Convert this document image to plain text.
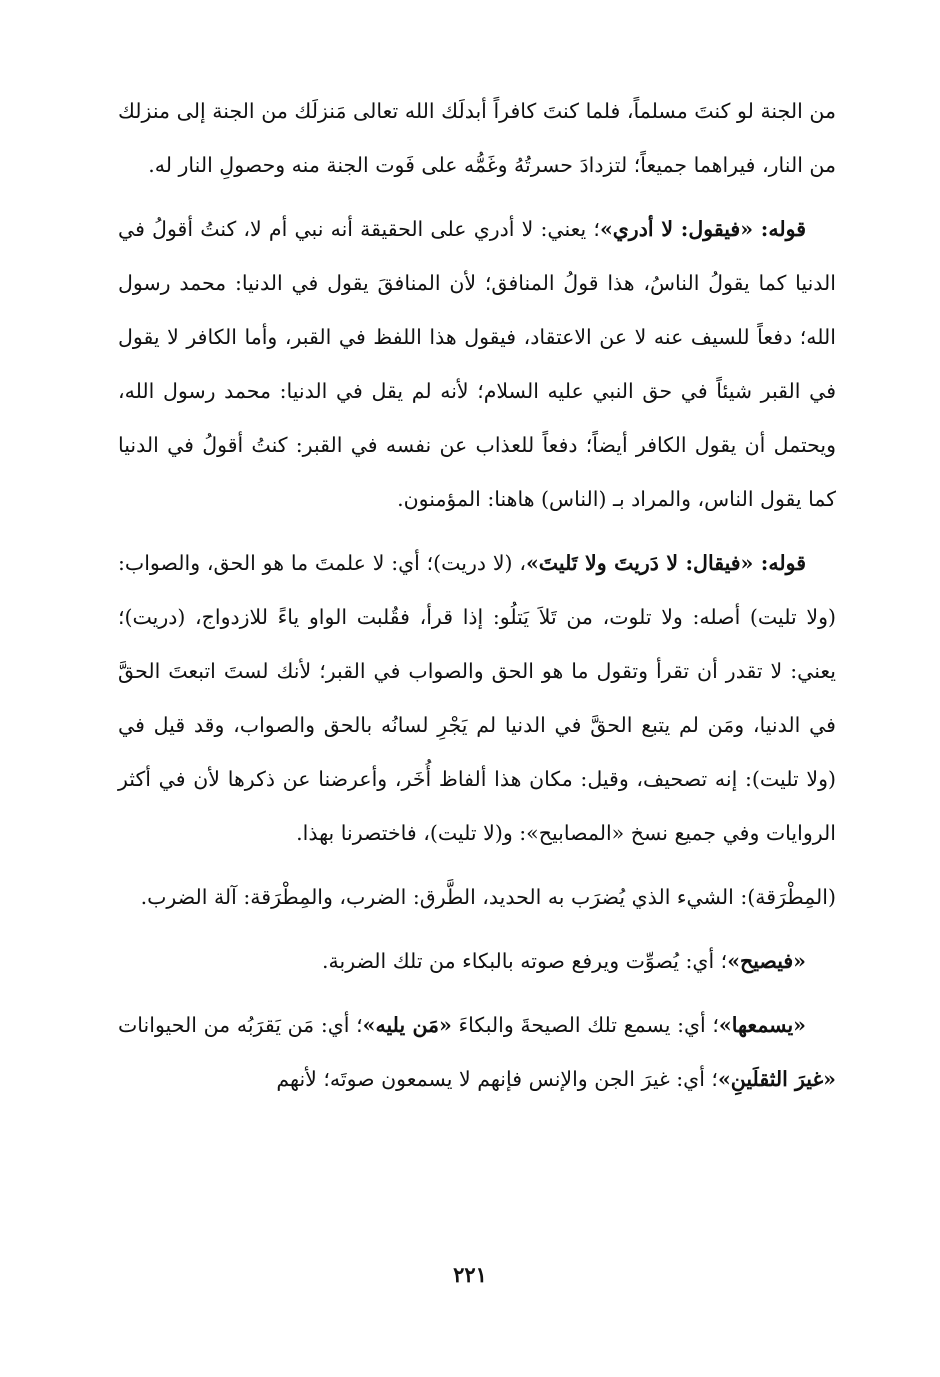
من الجنة لو كنتَ مسلماً، فلما كنتَ كافراً أبدلَك الله تعالى مَنزلَك من الجنة إلى منزلك من النار، فيراهما جميعاً؛ لتزدادَ حسرتُهُ وغَمُّه على فَوت الجنة منه وحصولِ النار له.

قوله: «فيقول: لا أدري»؛ يعني: لا أدري على الحقيقة أنه نبي أم لا، كنتُ أقولُ في الدنيا كما يقولُ الناسُ، هذا قولُ المنافق؛ لأن المنافقَ يقول في الدنيا: محمد رسول الله؛ دفعاً للسيف عنه لا عن الاعتقاد، فيقول هذا اللفظ في القبر، وأما الكافر لا يقول في القبر شيئاً في حق النبي عليه السلام؛ لأنه لم يقل في الدنيا: محمد رسول الله، ويحتمل أن يقول الكافر أيضاً؛ دفعاً للعذاب عن نفسه في القبر: كنتُ أقولُ في الدنيا كما يقول الناس، والمراد بـ (الناس) هاهنا: المؤمنون.

قوله: «فيقال: لا دَريتَ ولا تَليتَ»، (لا دريت)؛ أي: لا علمتَ ما هو الحق، والصواب: (ولا تليت) أصله: ولا تلوت، من تَلاَ يَتلُو: إذا قرأ، فقُلبت الواو ياءً للازدواج، (دريت)؛ يعني: لا تقدر أن تقرأ وتقول ما هو الحق والصواب في القبر؛ لأنك لستَ اتبعتَ الحقَّ في الدنيا، ومَن لم يتبع الحقَّ في الدنيا لم يَجْرِ لسانُه بالحق والصواب، وقد قيل في (ولا تليت): إنه تصحيف، وقيل: مكان هذا ألفاظ أُخَر، وأعرضنا عن ذكرها لأن في أكثر الروايات وفي جميع نسخ «المصابيح»: و(لا تليت)، فاختصرنا بهذا.

(المِطْرَقة): الشيء الذي يُضرَب به الحديد، الطَّرق: الضرب، والمِطْرَقة: آلة الضرب.

«فيصيح»؛ أي: يُصوِّت ويرفع صوته بالبكاء من تلك الضربة.

«يسمعها»؛ أي: يسمع تلك الصيحةَ والبكاءَ «مَن يليه»؛ أي: مَن يَقرَبُه من الحيوانات «غيرَ الثقلَينِ»؛ أي: غيرَ الجن والإنس فإنهم لا يسمعون صوتَه؛ لأنهم

٢٢١
